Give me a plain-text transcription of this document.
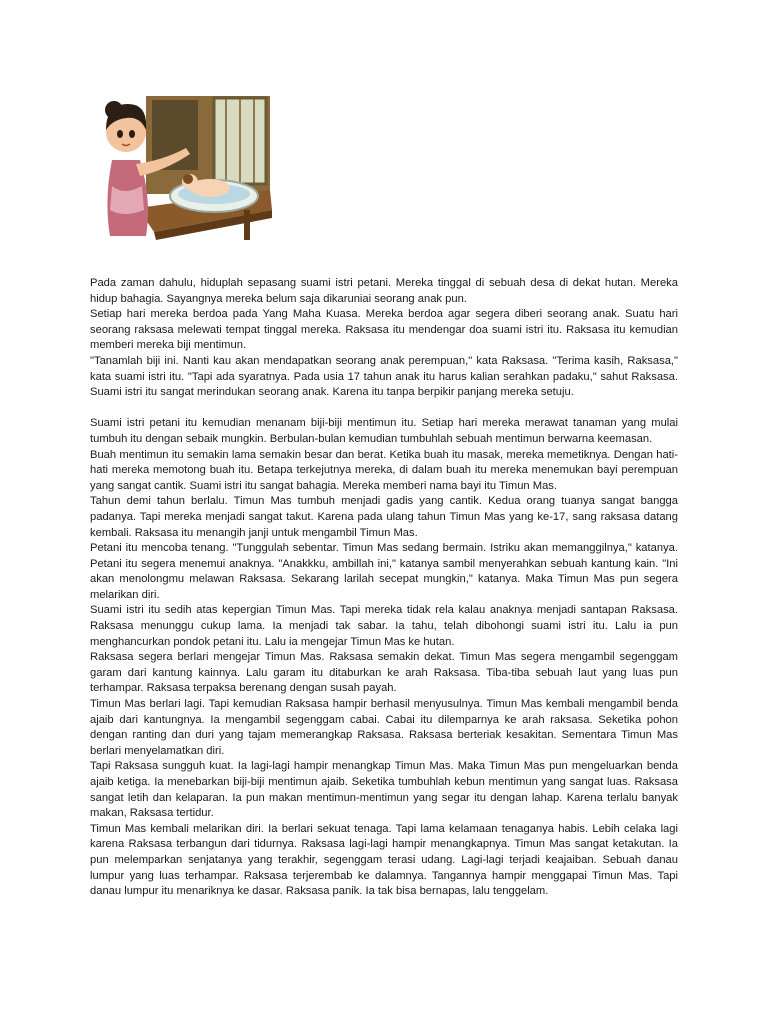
Pada zaman dahulu, hiduplah sepasang suami istri petani. Mereka tinggal di sebuah desa di dekat hutan. Mereka hidup bahagia. Sayangnya mereka belum saja dikaruniai seorang anak pun.

Setiap hari mereka berdoa pada Yang Maha Kuasa. Mereka berdoa agar segera diberi seorang anak. Suatu hari seorang raksasa melewati tempat tinggal mereka. Raksasa itu mendengar doa suami istri itu. Raksasa itu kemudian memberi mereka biji mentimun.

"Tanamlah biji ini. Nanti kau akan mendapatkan seorang anak perempuan," kata Raksasa. "Terima kasih, Raksasa," kata suami istri itu. "Tapi ada syaratnya. Pada usia 17 tahun anak itu harus kalian serahkan padaku," sahut Raksasa. Suami istri itu sangat merindukan seorang anak. Karena itu tanpa berpikir panjang mereka setuju.

Suami istri petani itu kemudian menanam biji-biji mentimun itu. Setiap hari mereka merawat tanaman yang mulai tumbuh itu dengan sebaik mungkin. Berbulan-bulan kemudian tumbuhlah sebuah mentimun berwarna keemasan.

Buah mentimun itu semakin lama semakin besar dan berat. Ketika buah itu masak, mereka memetiknya. Dengan hati-hati mereka memotong buah itu. Betapa terkejutnya mereka, di dalam buah itu mereka menemukan bayi perempuan yang sangat cantik. Suami istri itu sangat bahagia. Mereka memberi nama bayi itu Timun Mas.

Tahun demi tahun berlalu. Timun Mas tumbuh menjadi gadis yang cantik. Kedua orang tuanya sangat bangga padanya. Tapi mereka menjadi sangat takut. Karena pada ulang tahun Timun Mas yang ke-17, sang raksasa datang kembali. Raksasa itu menangih janji untuk mengambil Timun Mas.

Petani itu mencoba tenang. "Tunggulah sebentar. Timun Mas sedang bermain. Istriku akan memanggilnya," katanya. Petani itu segera menemui anaknya. "Anakkku, ambillah ini," katanya sambil menyerahkan sebuah kantung kain. "Ini akan menolongmu melawan Raksasa. Sekarang larilah secepat mungkin," katanya. Maka Timun Mas pun segera melarikan diri.

Suami istri itu sedih atas kepergian Timun Mas. Tapi mereka tidak rela kalau anaknya menjadi santapan Raksasa. Raksasa menunggu cukup lama. Ia menjadi tak sabar. Ia tahu, telah dibohongi suami istri itu. Lalu ia pun menghancurkan pondok petani itu. Lalu ia mengejar Timun Mas ke hutan.

Raksasa segera berlari mengejar Timun Mas. Raksasa semakin dekat. Timun Mas segera mengambil segenggam garam dari kantung kainnya. Lalu garam itu ditaburkan ke arah Raksasa. Tiba-tiba sebuah laut yang luas pun terhampar. Raksasa terpaksa berenang dengan susah payah.

Timun Mas berlari lagi. Tapi kemudian Raksasa hampir berhasil menyusulnya. Timun Mas kembali mengambil benda ajaib dari kantungnya. Ia mengambil segenggam cabai. Cabai itu dilemparnya ke arah raksasa. Seketika pohon dengan ranting dan duri yang tajam memerangkap Raksasa. Raksasa berteriak kesakitan. Sementara Timun Mas berlari menyelamatkan diri.

Tapi Raksasa sungguh kuat. Ia lagi-lagi hampir menangkap Timun Mas. Maka Timun Mas pun mengeluarkan benda ajaib ketiga. Ia menebarkan biji-biji mentimun ajaib. Seketika tumbuhlah kebun mentimun yang sangat luas. Raksasa sangat letih dan kelaparan. Ia pun makan mentimun-mentimun yang segar itu dengan lahap. Karena terlalu banyak makan, Raksasa tertidur.

Timun Mas kembali melarikan diri. Ia berlari sekuat tenaga. Tapi lama kelamaan tenaganya habis. Lebih celaka lagi karena Raksasa terbangun dari tidurnya. Raksasa lagi-lagi hampir menangkapnya. Timun Mas sangat ketakutan. Ia pun melemparkan senjatanya yang terakhir, segenggam terasi udang. Lagi-lagi terjadi keajaiban. Sebuah danau lumpur yang luas terhampar. Raksasa terjerembab ke dalamnya. Tangannya hampir menggapai Timun Mas. Tapi danau lumpur itu menariknya ke dasar. Raksasa panik. Ia tak bisa bernapas, lalu tenggelam.
